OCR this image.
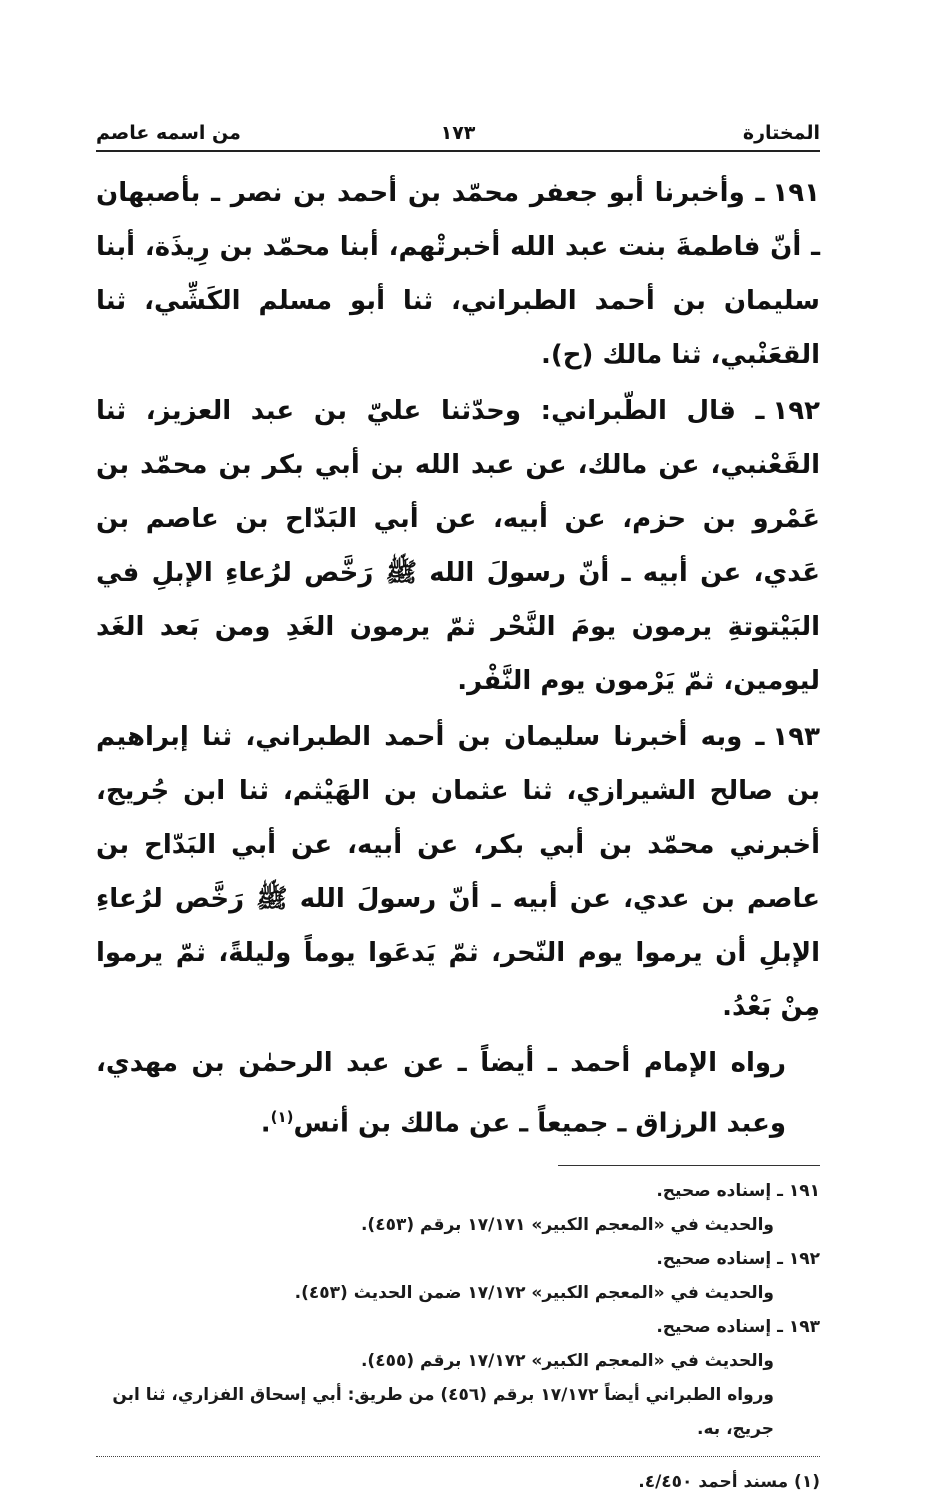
المختارة
١٧٣
من اسمه عاصم

١٩١ـ وأخبرنا أبو جعفر محمّد بن أحمد بن نصر ـ بأصبهان ـ أنّ فاطمةَ بنت عبد الله أخبرتْهم، أبنا محمّد بن رِيذَة، أبنا سليمان بن أحمد الطبراني، ثنا أبو مسلم الكَشِّي، ثنا القعَنْبي، ثنا مالك (ح).

١٩٢ـ قال الطّبراني: وحدّثنا عليّ بن عبد العزيز، ثنا القَعْنبي، عن مالك، عن عبد الله بن أبي بكر بن محمّد بن عَمْرو بن حزم، عن أبيه، عن أبي البَدّاح بن عاصم بن عَدي، عن أبيه ـ أنّ رسولَ الله ﷺ رَخَّص لرُعاءِ الإبلِ في البَيْتوتةِ يرمون يومَ النَّحْر ثمّ يرمون الغَدِ ومن بَعد الغَد ليومين، ثمّ يَرْمون يوم النَّفْر.

١٩٣ـ وبه أخبرنا سليمان بن أحمد الطبراني، ثنا إبراهيم بن صالح الشيرازي، ثنا عثمان بن الهَيْثم، ثنا ابن جُريج، أخبرني محمّد بن أبي بكر، عن أبيه، عن أبي البَدّاح بن عاصم بن عدي، عن أبيه ـ أنّ رسولَ الله ﷺ رَخَّص لرُعاءِ الإبلِ أن يرموا يوم النّحر، ثمّ يَدعَوا يوماً وليلةً، ثمّ يرموا مِنْ بَعْدُ.

رواه الإمام أحمد ـ أيضاً ـ عن عبد الرحمٰن بن مهدي، وعبد الرزاق ـ جميعاً ـ عن مالك بن أنس$^{(١)}$.

١٩١ ـ إسناده صحيح.

والحديث في «المعجم الكبير» ١٧/١٧١ برقم (٤٥٣).

١٩٢ ـ إسناده صحيح.

والحديث في «المعجم الكبير» ١٧/١٧٢ ضمن الحديث (٤٥٣).

١٩٣ ـ إسناده صحيح.

والحديث في «المعجم الكبير» ١٧/١٧٢ برقم (٤٥٥).

ورواه الطبراني أيضاً ١٧/١٧٢ برقم (٤٥٦) من طريق: أبي إسحاق الفزاري، ثنا ابن جريج، به.

(١) مسند أحمد ٤/٤٥٠.
